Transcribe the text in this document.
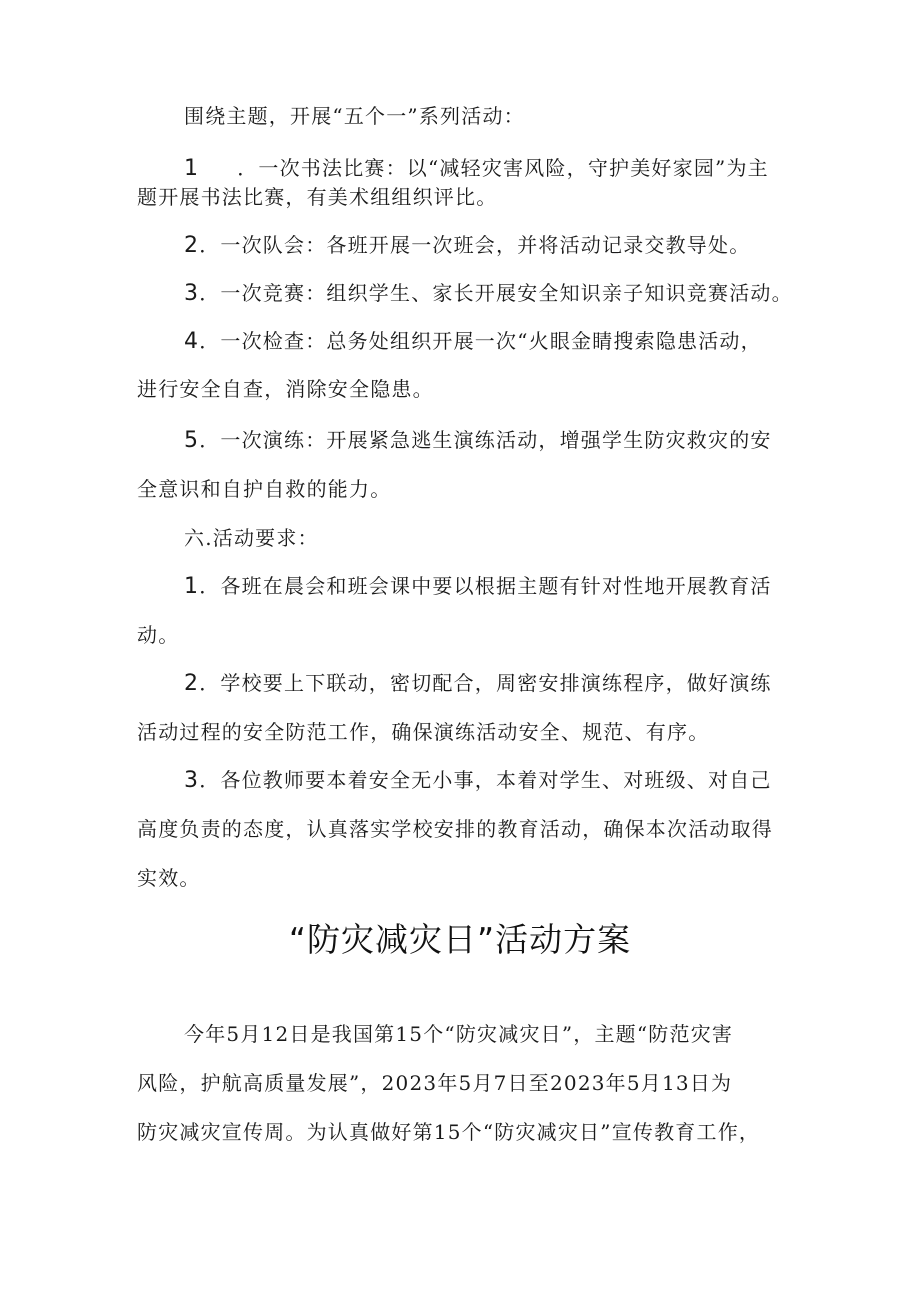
围绕主题，开展“五个一”系列活动：
1 ．一次书法比赛：以“减轻灾害风险，守护美好家园”为主
题开展书法比赛，有美术组组织评比。
2．一次队会：各班开展一次班会，并将活动记录交教导处。
3．一次竞赛：组织学生、家长开展安全知识亲子知识竞赛活动。
4．一次检查：总务处组织开展一次“火眼金睛搜索隐患活动，
进行安全自查，消除安全隐患。
5．一次演练：开展紧急逃生演练活动，增强学生防灾救灾的安
全意识和自护自救的能力。
六.活动要求：
1．各班在晨会和班会课中要以根据主题有针对性地开展教育活
动。
2．学校要上下联动，密切配合，周密安排演练程序，做好演练
活动过程的安全防范工作，确保演练活动安全、规范、有序。
3．各位教师要本着安全无小事，本着对学生、对班级、对自己
高度负责的态度，认真落实学校安排的教育活动，确保本次活动取得
实效。
“防灾减灾日”活动方案
今年5月12日是我国第15个“防灾减灾日”，主题“防范灾害
风险，护航高质量发展”，2023年5月7日至2023年5月13日为
防灾减灾宣传周。为认真做好第15个“防灾减灾日”宣传教育工作，
